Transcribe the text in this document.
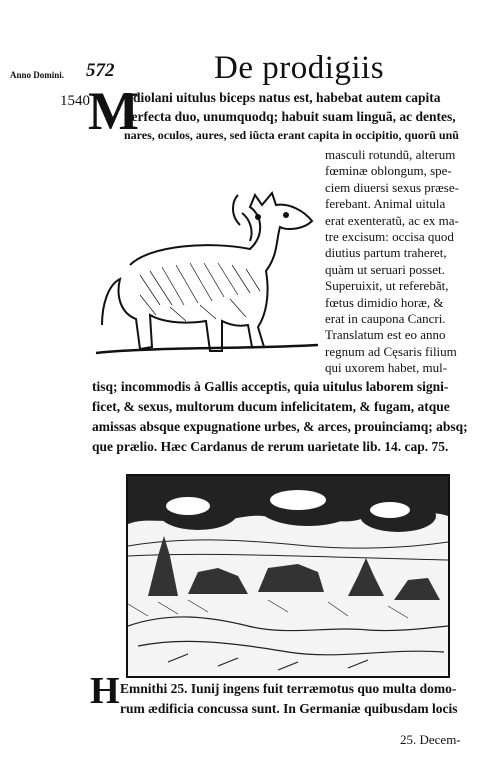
Anno Domini. 572	De prodigiis
1540
M
Ediolani uitulus biceps natus est, habebat autem capita
perfecta duo, unumquodq; habuit suam linguã, ac dentes,
nares, oculos, aures, sed iũcta erant capita in occipitio, quorũ unũ
masculi rotundũ, alterum
fœminæ oblongum, spe-
ciem diuersi sexus præse-
ferebant. Animal uitula
erat exenteratũ, ac ex ma-
tre excisum: occisa quod
diutius partum traheret,
quàm ut seruari posset.
Superuixit, ut referebãt,
fœtus dimidio horæ, &
erat in caupona Cancri.
Translatum est eo anno
regnum ad Cęsaris filium
qui uxorem habet, mul-
tisq; incommodis à Gallis acceptis, quia uitulus laborem signi-
ficet, & sexus, multorum ducum infelicitatem, & fugam, atque
amissas absque expugnatione urbes, & arces, prouinciamq; absq;
que prælio. Hæc Cardanus de rerum uarietate lib. 14. cap. 75.
H Emnithi 25. Iunij ingens fuit terræmotus quo multa domo-
rum ædificia concussa sunt. In Germaniæ quibusdam locis
25. Decem-
